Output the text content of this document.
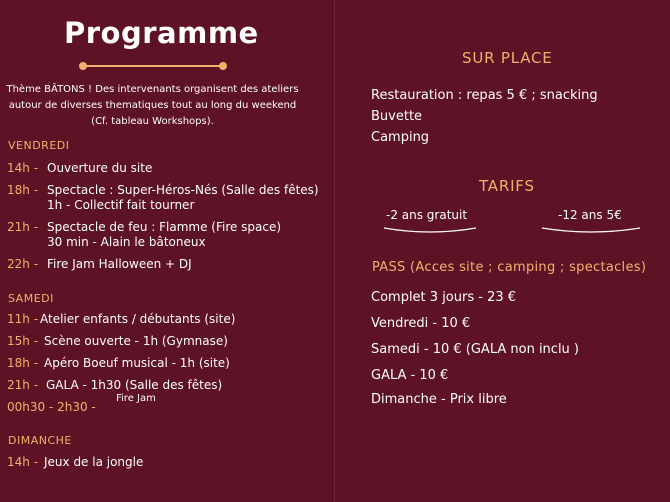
Programme
Thème BÂTONS ! Des intervenants organisent des ateliers
autour de diverses thematiques tout au long du weekend
(Cf. tableau Workshops).
VENDREDI
14h - Ouverture du site
18h - Spectacle : Super-Héros-Nés (Salle des fêtes)
1h - Collectif fait tourner
21h - Spectacle de feu : Flamme (Fire space)
30 min - Alain le bâtoneux
22h - Fire Jam Halloween + DJ
SAMEDI
11h - Atelier enfants / débutants (site)
15h - Scène ouverte - 1h (Gymnase)
18h - Apéro Boeuf musical - 1h (site)
21h - GALA - 1h30 (Salle des fêtes)
Fire Jam
00h30 - 2h30 -
DIMANCHE
14h - Jeux de la jongle
SUR PLACE
Restauration : repas 5 € ; snacking
Buvette
Camping
TARIFS
-2 ans gratuit	-12 ans 5€
PASS (Acces site ; camping ; spectacles)
Complet 3 jours - 23 €
Vendredi - 10 €
Samedi - 10 € (GALA non inclu )
GALA - 10 €
Dimanche - Prix libre
